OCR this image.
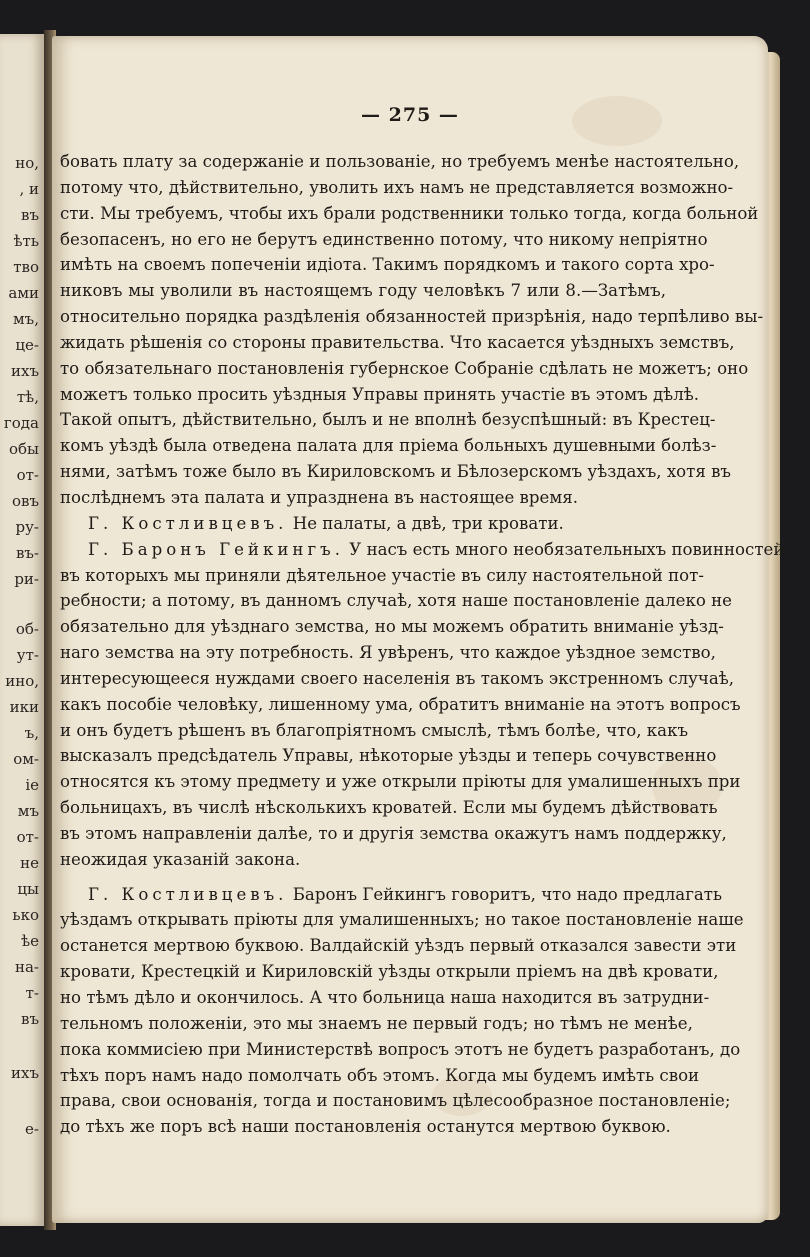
но,
, и
въ
ѣть
тво
ами
мъ,
це-
ихъ
тѣ,
года
обы
от-
овъ
ру-
въ-
ри-
об-
ут-
ино,
ики
ъ,
ом-
іе
мъ
от-
не
цы
ько
ѣе
на-
т-
въ
ихъ
е-
— 275 —
бовать плату за содержаніе и пользованіе, но требуемъ менѣе настоятельно,
потому что, дѣйствительно, уволить ихъ намъ не представляется возможно-
сти. Мы требуемъ, чтобы ихъ брали родственники только тогда, когда больной
безопасенъ, но его не берутъ единственно потому, что никому непріятно
имѣть на своемъ попеченіи идіота. Такимъ порядкомъ и такого сорта хро-
никовъ мы уволили въ настоящемъ году человѣкъ 7 или 8.—Затѣмъ,
относительно порядка раздѣленія обязанностей призрѣнія, надо терпѣливо вы-
жидать рѣшенія со стороны правительства. Что касается уѣздныхъ земствъ,
то обязательнаго постановленія губернское Собраніе сдѣлать не можетъ; оно
можетъ только просить уѣздныя Управы принять участіе въ этомъ дѣлѣ.
Такой опытъ, дѣйствительно, былъ и не вполнѣ безуспѣшный: въ Крестец-
комъ уѣздѣ была отведена палата для пріема больныхъ душевными болѣз-
нями, затѣмъ тоже было въ Кириловскомъ и Бѣлозерскомъ уѣздахъ, хотя въ
послѣднемъ эта палата и упразднена въ настоящее время.
Г. Костливцевъ. Не палаты, а двѣ, три кровати.
Г. Баронъ Гейкингъ. У насъ есть много необязательныхъ повинностей,
въ которыхъ мы приняли дѣятельное участіе въ силу настоятельной пот-
ребности; а потому, въ данномъ случаѣ, хотя наше постановленіе далеко не
обязательно для уѣзднаго земства, но мы можемъ обратить вниманіе уѣзд-
наго земства на эту потребность. Я увѣренъ, что каждое уѣздное земство,
интересующееся нуждами своего населенія въ такомъ экстренномъ случаѣ,
какъ пособіе человѣку, лишенному ума, обратитъ вниманіе на этотъ вопросъ
и онъ будетъ рѣшенъ въ благопріятномъ смыслѣ, тѣмъ болѣе, что, какъ
высказалъ предсѣдатель Управы, нѣкоторые уѣзды и теперь сочувственно
относятся къ этому предмету и уже открыли пріюты для умалишенныхъ при
больницахъ, въ числѣ нѣсколькихъ кроватей. Если мы будемъ дѣйствовать
въ этомъ направленіи далѣе, то и другія земства окажутъ намъ поддержку,
неожидая указаній закона.
Г. Костливцевъ. Баронъ Гейкингъ говоритъ, что надо предлагать
уѣздамъ открывать пріюты для умалишенныхъ; но такое постановленіе наше
останется мертвою буквою. Валдайскій уѣздъ первый отказался завести эти
кровати, Крестецкій и Кириловскій уѣзды открыли пріемъ на двѣ кровати,
но тѣмъ дѣло и окончилось. А что больница наша находится въ затрудни-
тельномъ положеніи, это мы знаемъ не первый годъ; но тѣмъ не менѣе,
пока коммисіею при Министерствѣ вопросъ этотъ не будетъ разработанъ, до
тѣхъ поръ намъ надо помолчать объ этомъ. Когда мы будемъ имѣть свои
права, свои основанія, тогда и постановимъ цѣлесообразное постановленіе;
до тѣхъ же поръ всѣ наши постановленія останутся мертвою буквою.
